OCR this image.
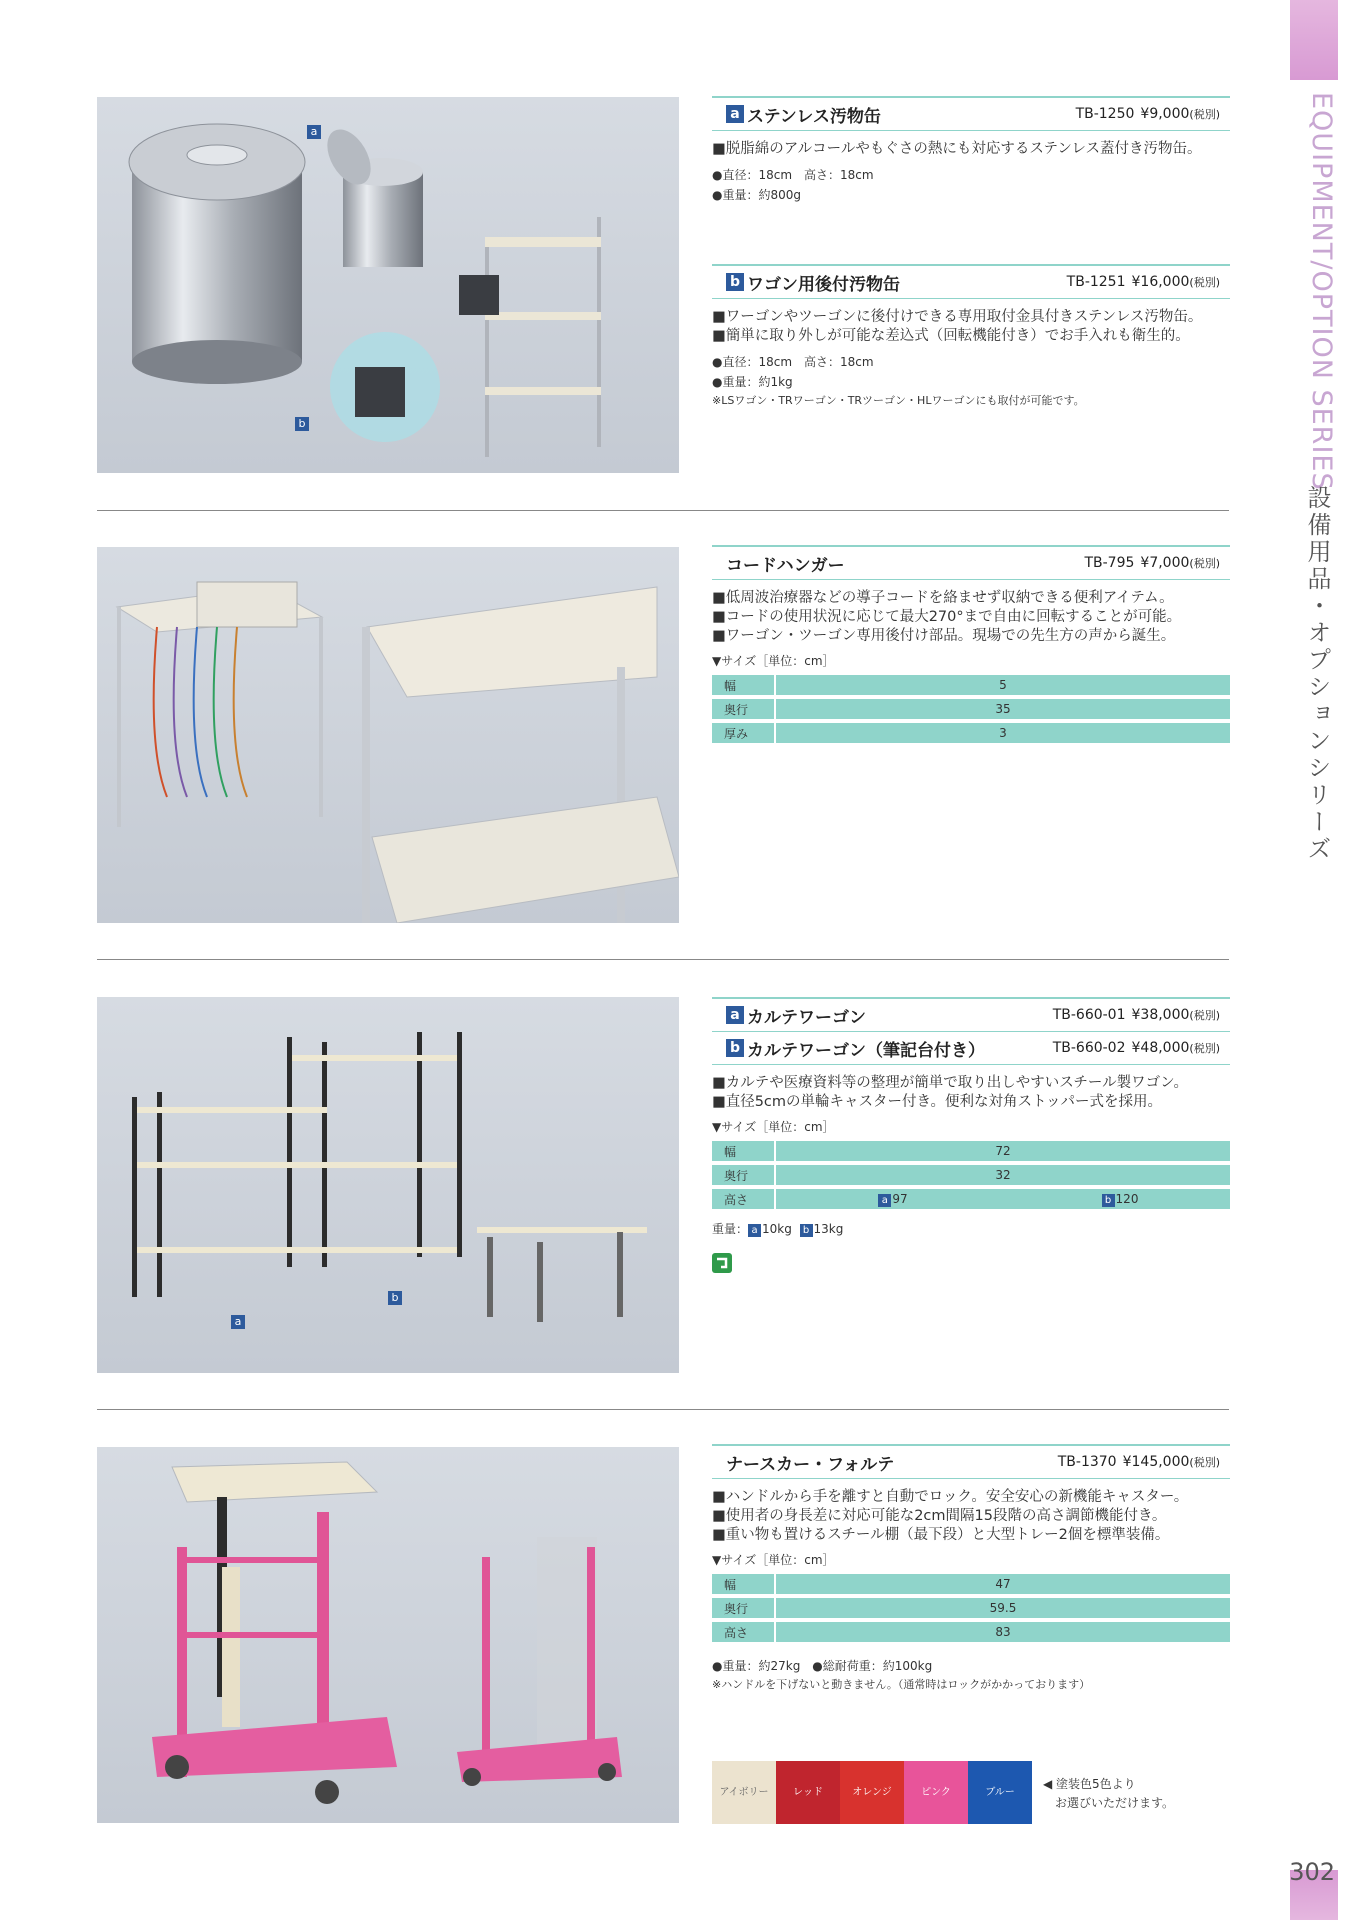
EQUIPMENT/OPTION SERIES
設備用品・オプションシリーズ
302
a
b
a ステンレス汚物缶	TB-1250 ¥9,000(税別)
■脱脂綿のアルコールやもぐさの熱にも対応するステンレス蓋付き汚物缶。
●直径：18cm　高さ：18cm
●重量：約800g
b ワゴン用後付汚物缶	TB-1251 ¥16,000(税別)
■ワーゴンやツーゴンに後付けできる専用取付金具付きステンレス汚物缶。
■簡単に取り外しが可能な差込式（回転機能付き）でお手入れも衛生的。
●直径：18cm　高さ：18cm
●重量：約1kg
※LSワゴン・TRワーゴン・TRツーゴン・HLワーゴンにも取付が可能です。
コードハンガー	TB-795 ¥7,000(税別)
■低周波治療器などの導子コードを絡ませず収納できる便利アイテム。
■コードの使用状況に応じて最大270°まで自由に回転することが可能。
■ワーゴン・ツーゴン専用後付け部品。現場での先生方の声から誕生。
▼サイズ［単位：cm］
幅	5
奥行	35
厚み	3
a
b
a カルテワーゴン	TB-660-01 ¥38,000(税別)
b カルテワーゴン（筆記台付き）	TB-660-02 ¥48,000(税別)
■カルテや医療資料等の整理が簡単で取り出しやすいスチール製ワゴン。
■直径5cmの単輪キャスター付き。便利な対角ストッパー式を採用。
▼サイズ［単位：cm］
幅	72	
奥行	32	
高さ	a 97	b 120
重量： a 10kg b 13kg
ナースカー・フォルテ	TB-1370 ¥145,000(税別)
■ハンドルから手を離すと自動でロック。安全安心の新機能キャスター。
■使用者の身長差に対応可能な2cm間隔15段階の高さ調節機能付き。
■重い物も置けるスチール棚（最下段）と大型トレー2個を標準装備。
▼サイズ［単位：cm］
幅	47
奥行	59.5
高さ	83
●重量：約27kg　●総耐荷重：約100kg
※ハンドルを下げないと動きません。（通常時はロックがかかっております）
アイボリー	レッド	オレンジ	ピンク	ブルー
◀ 塗装色5色より
　お選びいただけます。
